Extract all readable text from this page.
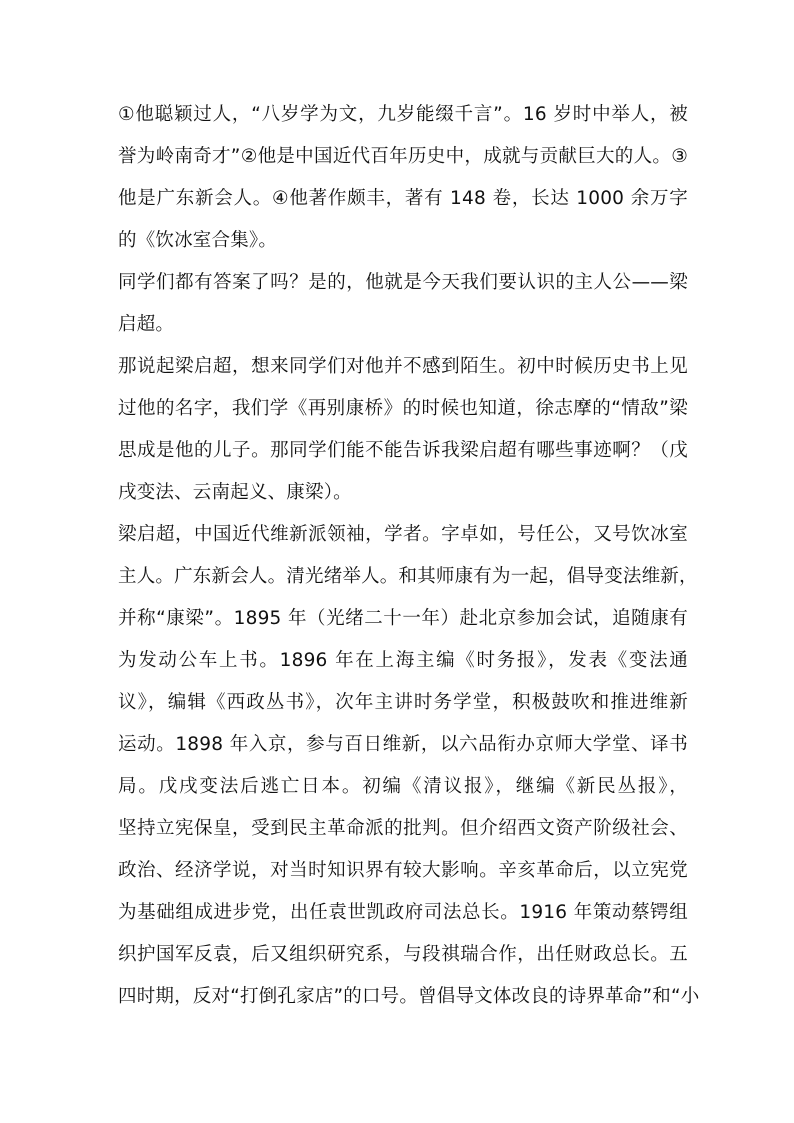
①他聪颖过人，“八岁学为文，九岁能缀千言”。16 岁时中举人，被
誉为岭南奇才”②他是中国近代百年历史中，成就与贡献巨大的人。③
他是广东新会人。④他著作颇丰，著有 148 卷，长达 1000 余万字
的《饮冰室合集》。
同学们都有答案了吗？是的，他就是今天我们要认识的主人公——梁
启超。
那说起梁启超，想来同学们对他并不感到陌生。初中时候历史书上见
过他的名字，我们学《再别康桥》的时候也知道，徐志摩的“情敌”梁
思成是他的儿子。那同学们能不能告诉我梁启超有哪些事迹啊？（戊
戌变法、云南起义、康梁）。
梁启超，中国近代维新派领袖，学者。字卓如，号任公，又号饮冰室
主人。广东新会人。清光绪举人。和其师康有为一起，倡导变法维新，
并称“康梁”。1895 年（光绪二十一年）赴北京参加会试，追随康有
为发动公车上书。1896 年在上海主编《时务报》，发表《变法通
议》，编辑《西政丛书》，次年主讲时务学堂，积极鼓吹和推进维新
运动。1898 年入京，参与百日维新，以六品衔办京师大学堂、译书
局。戊戌变法后逃亡日本。初编《清议报》，继编《新民丛报》，
坚持立宪保皇，受到民主革命派的批判。但介绍西文资产阶级社会、
政治、经济学说，对当时知识界有较大影响。辛亥革命后，以立宪党
为基础组成进步党，出任袁世凯政府司法总长。1916 年策动蔡锷组
织护国军反袁，后又组织研究系，与段祺瑞合作，出任财政总长。五
四时期，反对“打倒孔家店”的口号。曾倡导文体改良的诗界革命”和“小
